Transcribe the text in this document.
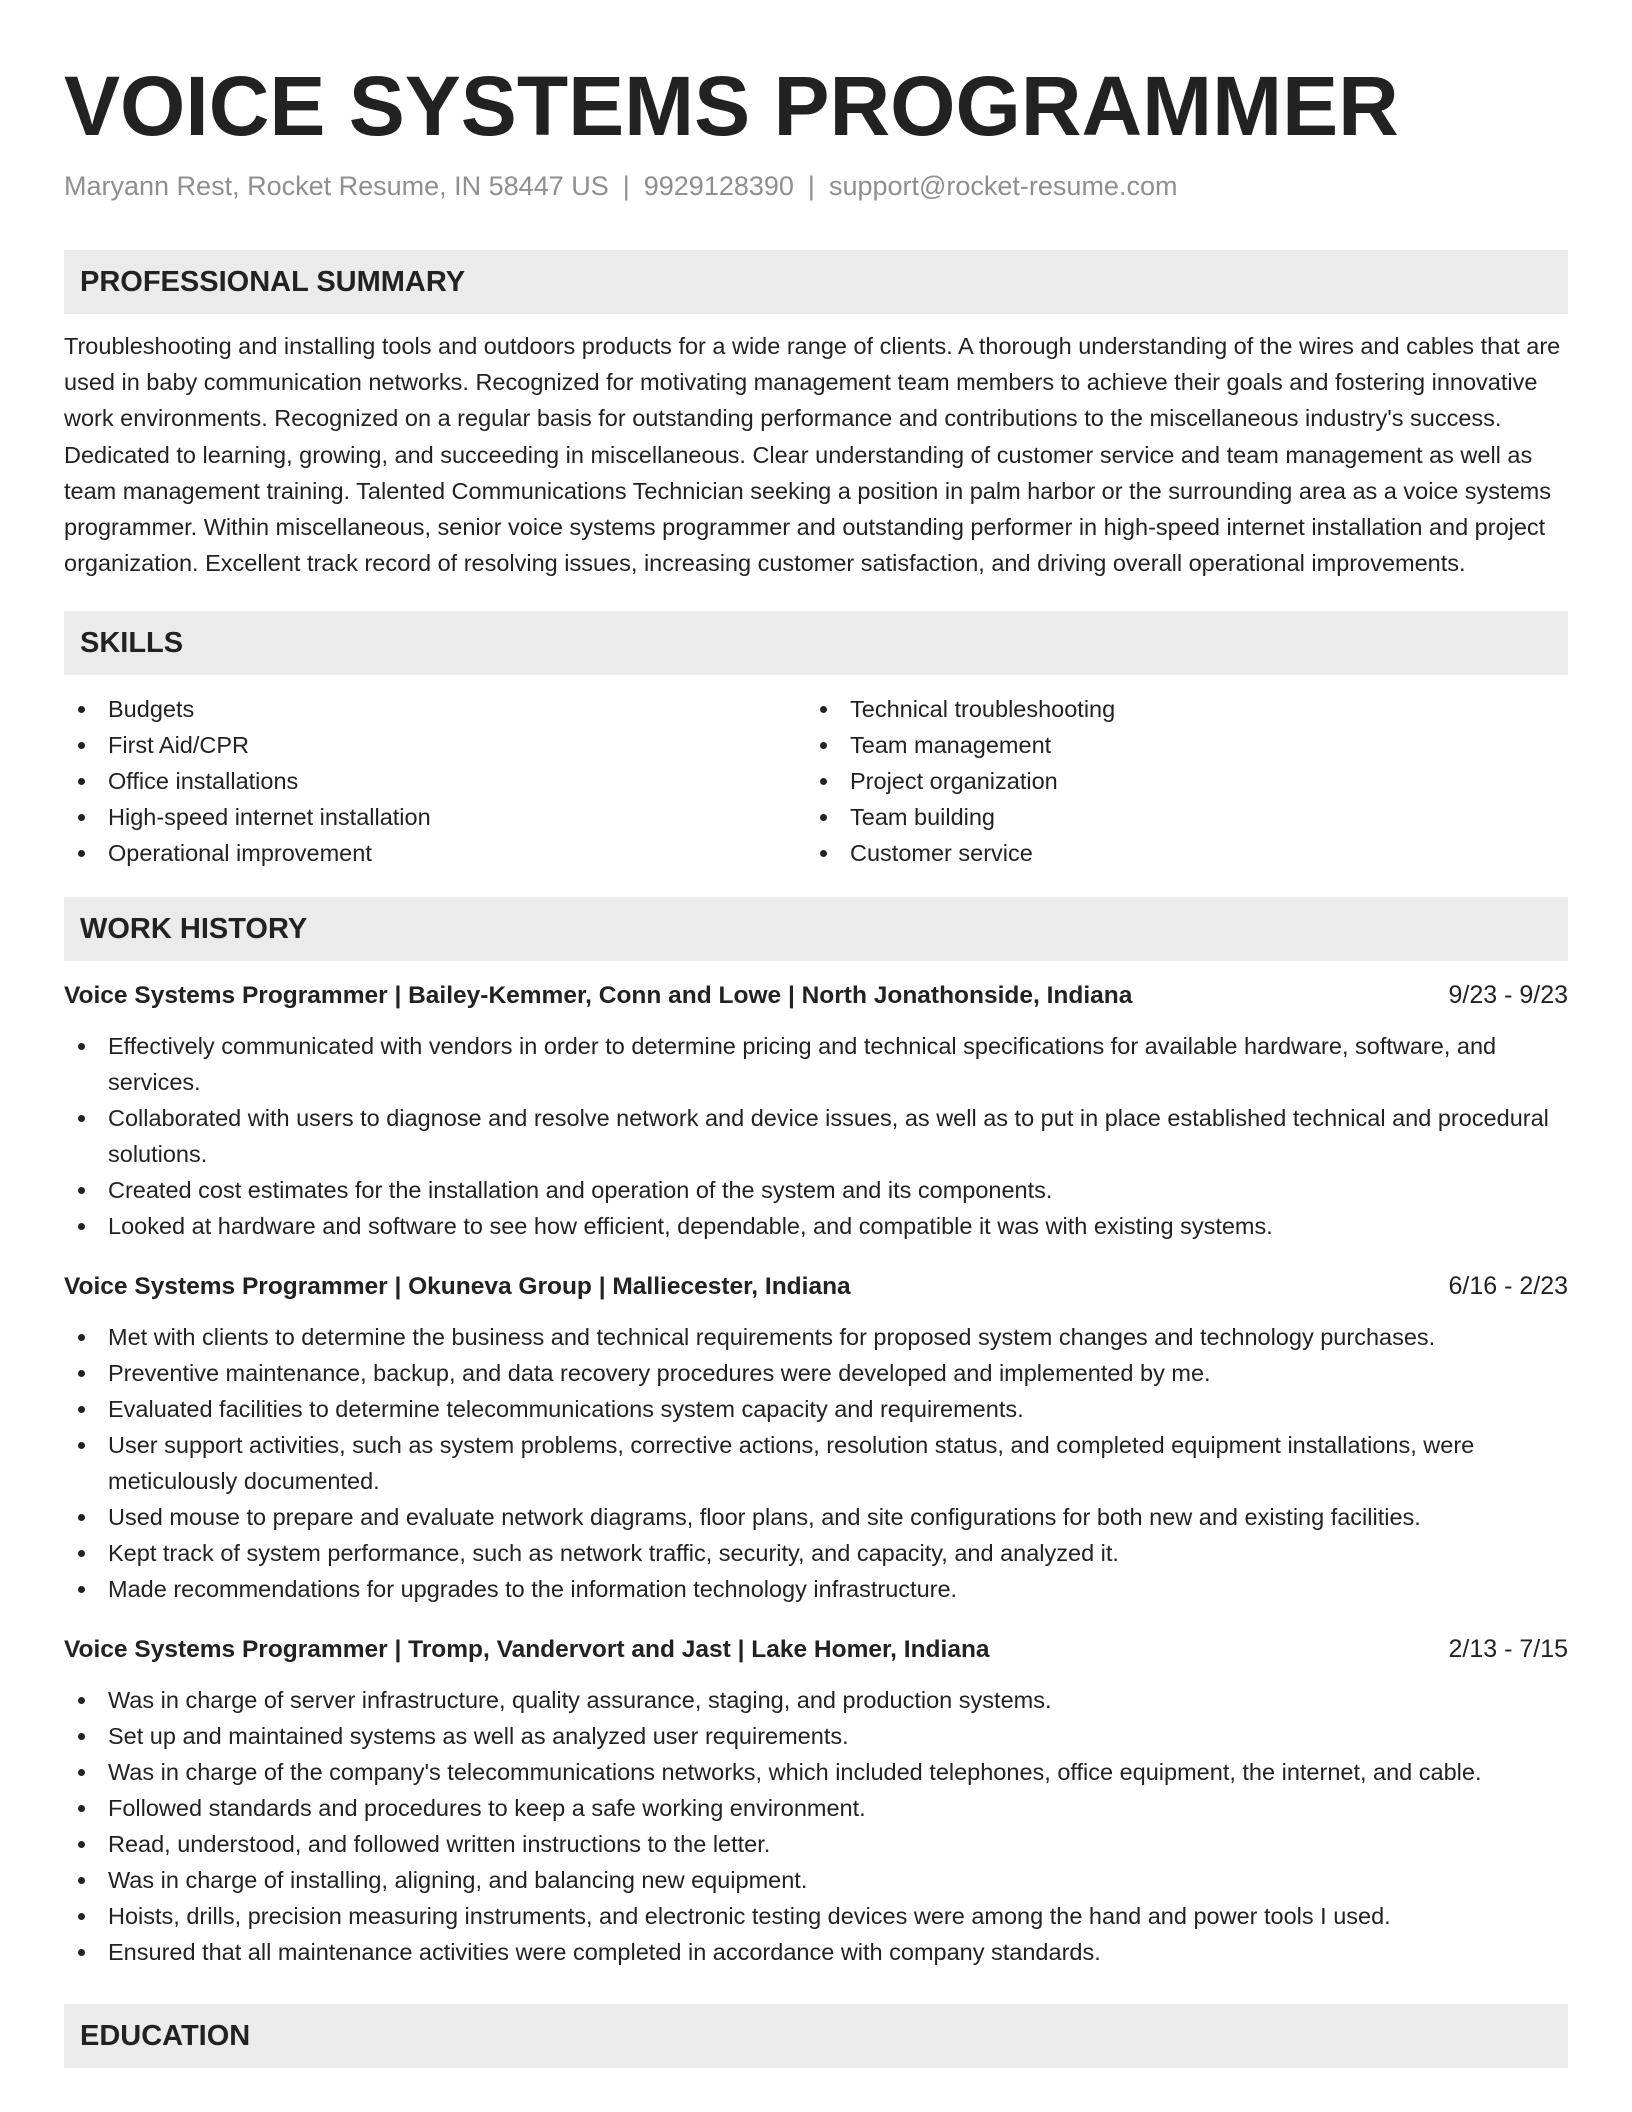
VOICE SYSTEMS PROGRAMMER
Maryann Rest, Rocket Resume, IN 58447 US | 9929128390 | support@rocket-resume.com
PROFESSIONAL SUMMARY
Troubleshooting and installing tools and outdoors products for a wide range of clients. A thorough understanding of the wires and cables that are used in baby communication networks. Recognized for motivating management team members to achieve their goals and fostering innovative work environments. Recognized on a regular basis for outstanding performance and contributions to the miscellaneous industry's success. Dedicated to learning, growing, and succeeding in miscellaneous. Clear understanding of customer service and team management as well as team management training. Talented Communications Technician seeking a position in palm harbor or the surrounding area as a voice systems programmer. Within miscellaneous, senior voice systems programmer and outstanding performer in high-speed internet installation and project organization. Excellent track record of resolving issues, increasing customer satisfaction, and driving overall operational improvements.
SKILLS
Budgets
First Aid/CPR
Office installations
High-speed internet installation
Operational improvement
Technical troubleshooting
Team management
Project organization
Team building
Customer service
WORK HISTORY
Voice Systems Programmer | Bailey-Kemmer, Conn and Lowe | North Jonathonside, Indiana	9/23 - 9/23
Effectively communicated with vendors in order to determine pricing and technical specifications for available hardware, software, and services.
Collaborated with users to diagnose and resolve network and device issues, as well as to put in place established technical and procedural solutions.
Created cost estimates for the installation and operation of the system and its components.
Looked at hardware and software to see how efficient, dependable, and compatible it was with existing systems.
Voice Systems Programmer | Okuneva Group | Malliecester, Indiana	6/16 - 2/23
Met with clients to determine the business and technical requirements for proposed system changes and technology purchases.
Preventive maintenance, backup, and data recovery procedures were developed and implemented by me.
Evaluated facilities to determine telecommunications system capacity and requirements.
User support activities, such as system problems, corrective actions, resolution status, and completed equipment installations, were meticulously documented.
Used mouse to prepare and evaluate network diagrams, floor plans, and site configurations for both new and existing facilities.
Kept track of system performance, such as network traffic, security, and capacity, and analyzed it.
Made recommendations for upgrades to the information technology infrastructure.
Voice Systems Programmer | Tromp, Vandervort and Jast | Lake Homer, Indiana	2/13 - 7/15
Was in charge of server infrastructure, quality assurance, staging, and production systems.
Set up and maintained systems as well as analyzed user requirements.
Was in charge of the company's telecommunications networks, which included telephones, office equipment, the internet, and cable.
Followed standards and procedures to keep a safe working environment.
Read, understood, and followed written instructions to the letter.
Was in charge of installing, aligning, and balancing new equipment.
Hoists, drills, precision measuring instruments, and electronic testing devices were among the hand and power tools I used.
Ensured that all maintenance activities were completed in accordance with company standards.
EDUCATION
